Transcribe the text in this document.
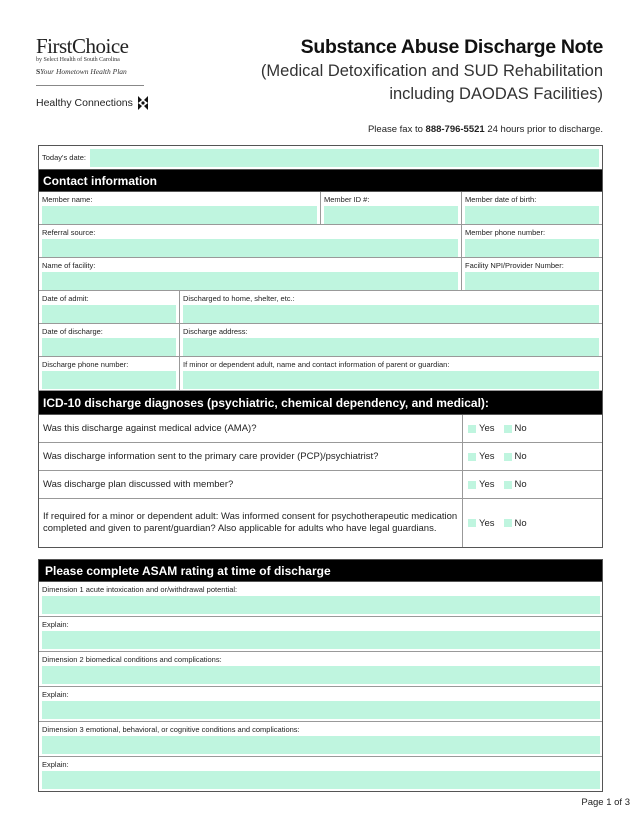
FirstChoice
by Select Health of South Carolina
SYour Hometown Health Plan
Healthy Connections
Substance Abuse Discharge Note
(Medical Detoxification and SUD Rehabilitation
including DAODAS Facilities)
Please fax to 888-796-5521 24 hours prior to discharge.
Today's date:
Contact information
Member name:	Member ID #:	Member date of birth:
Referral source:	Member phone number:
Name of facility:	Facility NPI/Provider Number:
Date of admit:	Discharged to home, shelter, etc.:
Date of discharge:	Discharge address:
Discharge phone number:	If minor or dependent adult, name and contact information of parent or guardian:
ICD-10 discharge diagnoses (psychiatric, chemical dependency, and medical):
Was this discharge against medical advice (AMA)?	Yes No
Was discharge information sent to the primary care provider (PCP)/psychiatrist?	Yes No
Was discharge plan discussed with member?	Yes No
If required for a minor or dependent adult: Was informed consent for psychotherapeutic medication completed and given to parent/guardian? Also applicable for adults who have legal guardians.	Yes No
Please complete ASAM rating at time of discharge
Dimension 1 acute intoxication and or/withdrawal potential:
Explain:
Dimension 2 biomedical conditions and complications:
Explain:
Dimension 3 emotional, behavioral, or cognitive conditions and complications:
Explain:
Page 1 of 3
